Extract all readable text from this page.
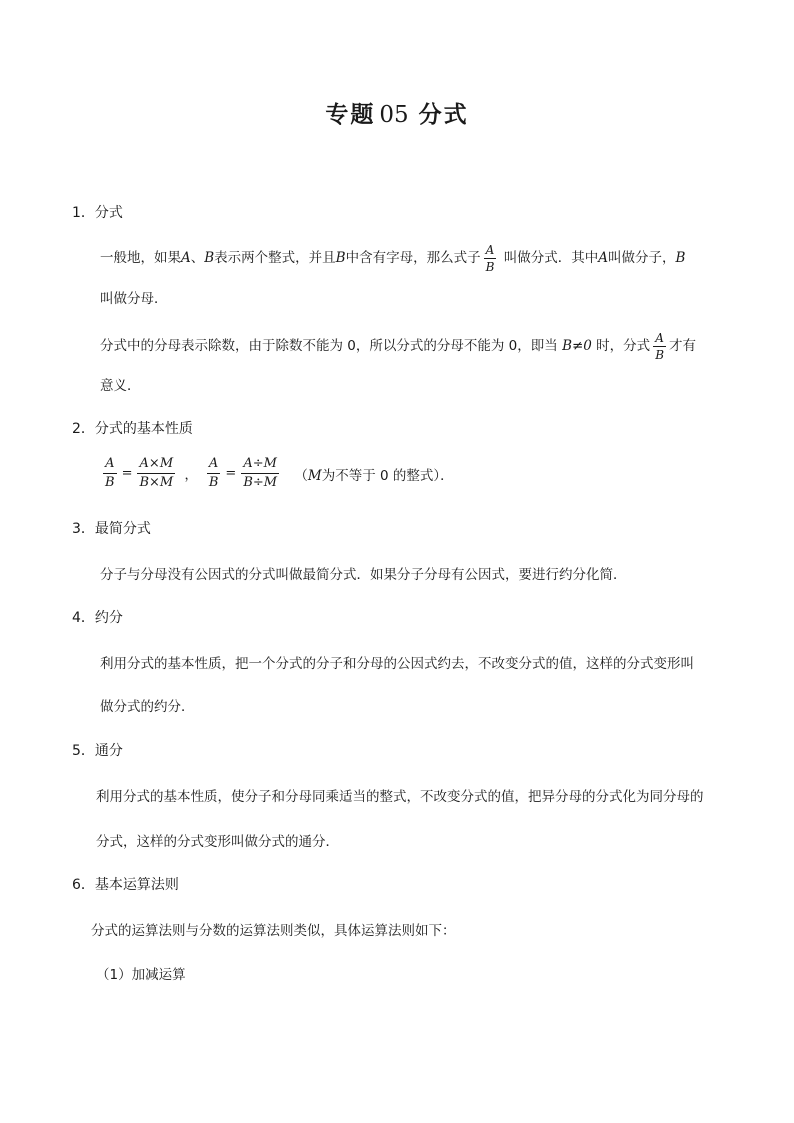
专题 05 分式
1．分式
一般地，如果A、B表示两个整式，并且B中含有字母，那么式子 $\frac{A}{B}$ 叫做分式．其中A叫做分子，B
叫做分母．
分式中的分母表示除数，由于除数不能为 0，所以分式的分母不能为 0，即当 B≠0 时，分式 $\frac{A}{B}$ 才有
意义．
2．分式的基本性质
$\frac{A}{B} = \frac{A\times M}{B\times M}$ ， $\frac{A}{B} = \frac{A\div M}{B\div M} (M$为不等于 0 的整式）．
3．最简分式
分子与分母没有公因式的分式叫做最简分式．如果分子分母有公因式，要进行约分化简．
4．约分
利用分式的基本性质，把一个分式的分子和分母的公因式约去，不改变分式的值，这样的分式变形叫
做分式的约分．
5．通分
利用分式的基本性质，使分子和分母同乘适当的整式，不改变分式的值，把异分母的分式化为同分母的
分式，这样的分式变形叫做分式的通分．
6．基本运算法则
分式的运算法则与分数的运算法则类似，具体运算法则如下：
（1）加减运算
